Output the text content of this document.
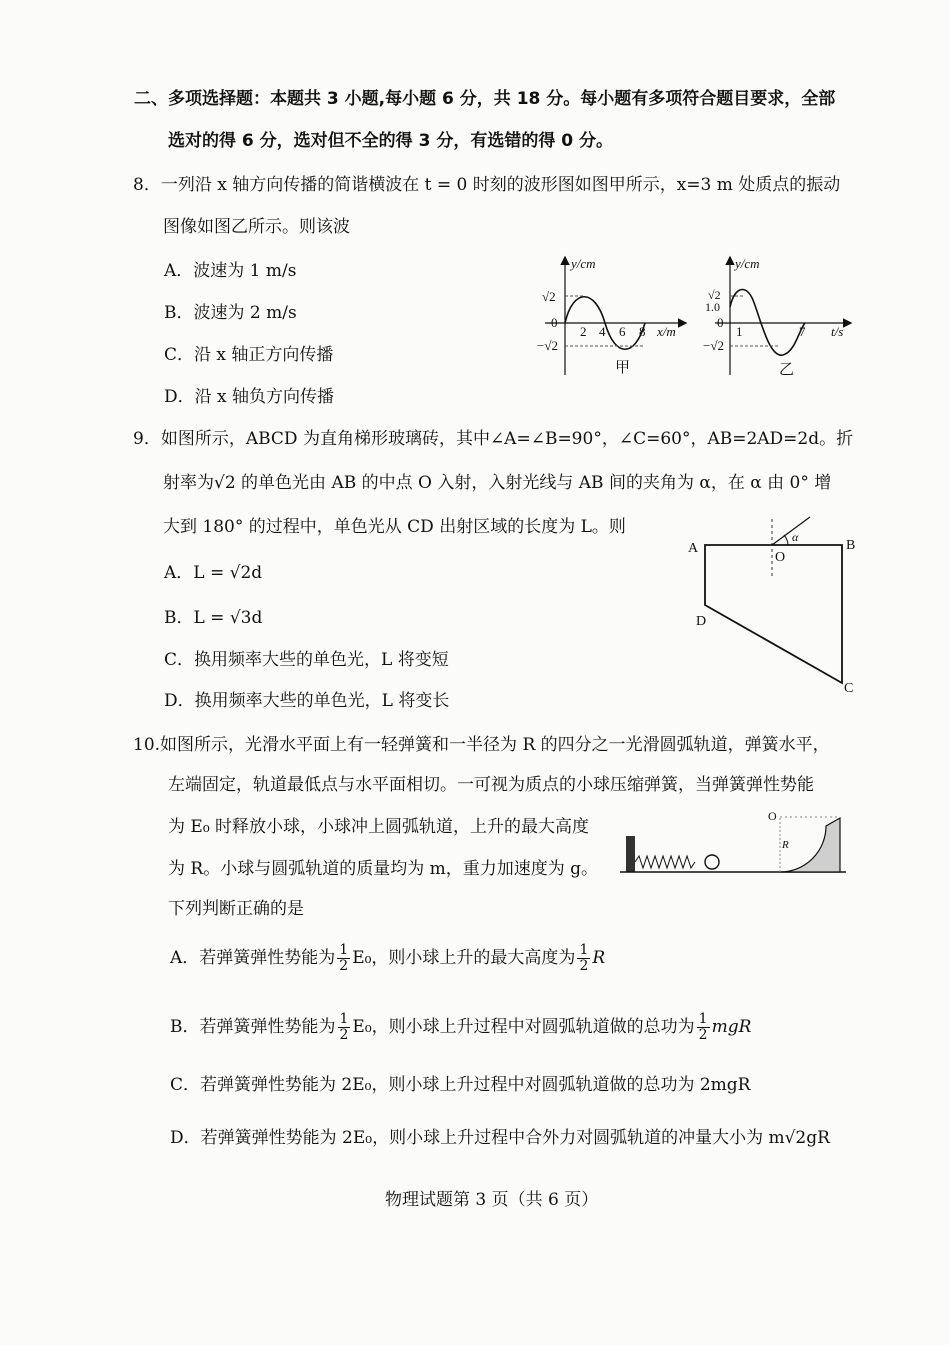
二、多项选择题：本题共 3 小题,每小题 6 分，共 18 分。每小题有多项符合题目要求，全部
选对的得 6 分，选对但不全的得 3 分，有选错的得 0 分。
8．一列沿 x 轴方向传播的简谐横波在 t = 0 时刻的波形图如图甲所示，x=3 m 处质点的振动
图像如图乙所示。则该波
A．波速为 1 m/s
B．波速为 2 m/s
C．沿 x 轴正方向传播
D．沿 x 轴负方向传播
y/cm
√2
0
−√2
2 4 6 8 x/m
甲
y/cm
√2
1.0
0
−√2
1	7 t/s
乙
9．如图所示，ABCD 为直角梯形玻璃砖，其中∠A=∠B=90°，∠C=60°，AB=2AD=2d。折
射率为√2 的单色光由 AB 的中点 O 入射，入射光线与 AB 间的夹角为 α，在 α 由 0° 增
大到 180° 的过程中，单色光从 CD 出射区域的长度为 L。则
A．L = √2d
B．L = √3d
C．换用频率大些的单色光，L 将变短
D．换用频率大些的单色光，L 将变长
α
A	B
O
D
C
10.如图所示，光滑水平面上有一轻弹簧和一半径为 R 的四分之一光滑圆弧轨道，弹簧水平，
左端固定，轨道最低点与水平面相切。一可视为质点的小球压缩弹簧，当弹簧弹性势能
为 E₀ 时释放小球，小球冲上圆弧轨道，上升的最大高度
为 R。小球与圆弧轨道的质量均为 m，重力加速度为 g。
下列判断正确的是
O
R
A．若弹簧弹性势能为 $\frac{1}{2} E_0$，则小球上升的最大高度为 $\frac{1}{2}$ R
B．若弹簧弹性势能为 $\frac{1}{2} E_0$，则小球上升过程中对圆弧轨道做的总功为 $\frac{1}{2}$ mgR
C．若弹簧弹性势能为 2E₀，则小球上升过程中对圆弧轨道做的总功为 2mgR
D．若弹簧弹性势能为 2E₀，则小球上升过程中合外力对圆弧轨道的冲量大小为 m√2gR
物理试题第 3 页（共 6 页）
